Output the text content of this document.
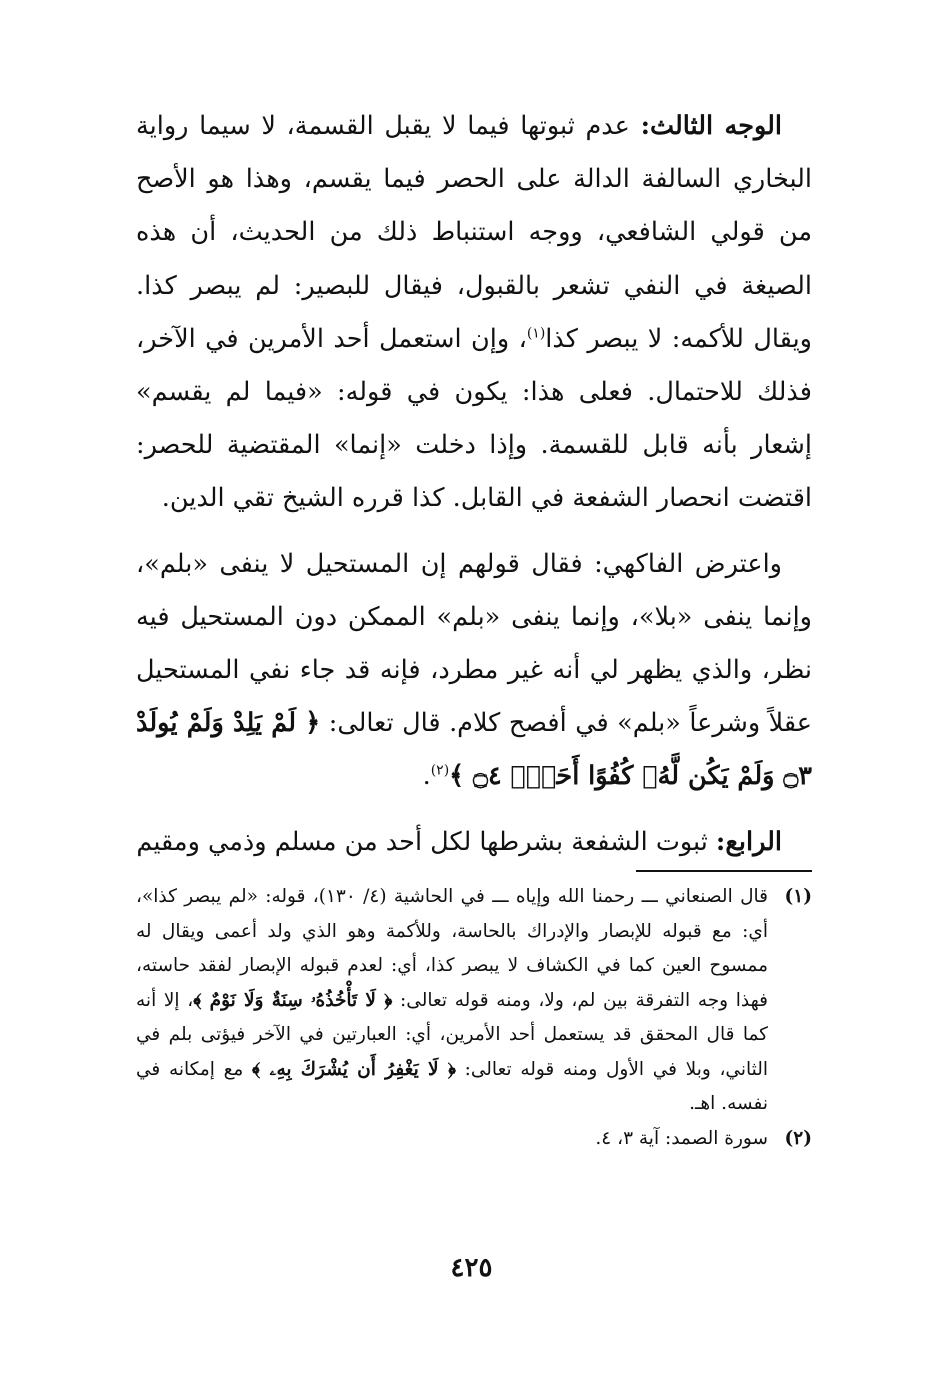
الوجه الثالث: عدم ثبوتها فيما لا يقبل القسمة، لا سيما رواية البخاري السالفة الدالة على الحصر فيما يقسم، وهذا هو الأصح من قولي الشافعي، ووجه استنباط ذلك من الحديث، أن هذه الصيغة في النفي تشعر بالقبول، فيقال للبصير: لم يبصر كذا. ويقال للأكمه: لا يبصر كذا$^{(١)}$، وإن استعمل أحد الأمرين في الآخر، فذلك للاحتمال. فعلى هذا: يكون في قوله: «فيما لم يقسم» إشعار بأنه قابل للقسمة. وإذا دخلت «إنما» المقتضية للحصر: اقتضت انحصار الشفعة في القابل. كذا قرره الشيخ تقي الدين.

واعترض الفاكهي: فقال قولهم إن المستحيل لا ينفى «بلم»، وإنما ينفى «بلا»، وإنما ينفى «بلم» الممكن دون المستحيل فيه نظر، والذي يظهر لي أنه غير مطرد، فإنه قد جاء نفي المستحيل عقلاً وشرعاً «بلم» في أفصح كلام. قال تعالى: ﴿ لَمْ يَلِدْ وَلَمْ يُولَدْ ۝٣ وَلَمْ يَكُن لَّهُۥ كُفُوًا أَحَدٌۢ ۝٤ ﴾$^{(٢)}$.

الرابع: ثبوت الشفعة بشرطها لكل أحد من مسلم وذمي ومقيم

(١)
قال الصنعاني ـــ رحمنا الله وإياه ـــ في الحاشية (٤/ ١٣٠)، قوله: «لم يبصر كذا»، أي: مع قبوله للإبصار والإدراك بالحاسة، وللأكمة وهو الذي ولد أعمى ويقال له ممسوح العين كما في الكشاف لا يبصر كذا، أي: لعدم قبوله الإبصار لفقد حاسته، فهذا وجه التفرقة بين لم، ولا، ومنه قوله تعالى: ﴿ لَا تَأْخُذُهُۥ سِنَةٌ وَلَا نَوْمٌ ﴾، إلا أنه كما قال المحقق قد يستعمل أحد الأمرين، أي: العبارتين في الآخر فيؤتى بلم في الثاني، وبلا في الأول ومنه قوله تعالى: ﴿ لَا يَغْفِرُ أَن يُشْرَكَ بِهِۦ ﴾ مع إمكانه في نفسه. اهـ.

(٢)
سورة الصمد: آية ٣، ٤.

٤٢٥
